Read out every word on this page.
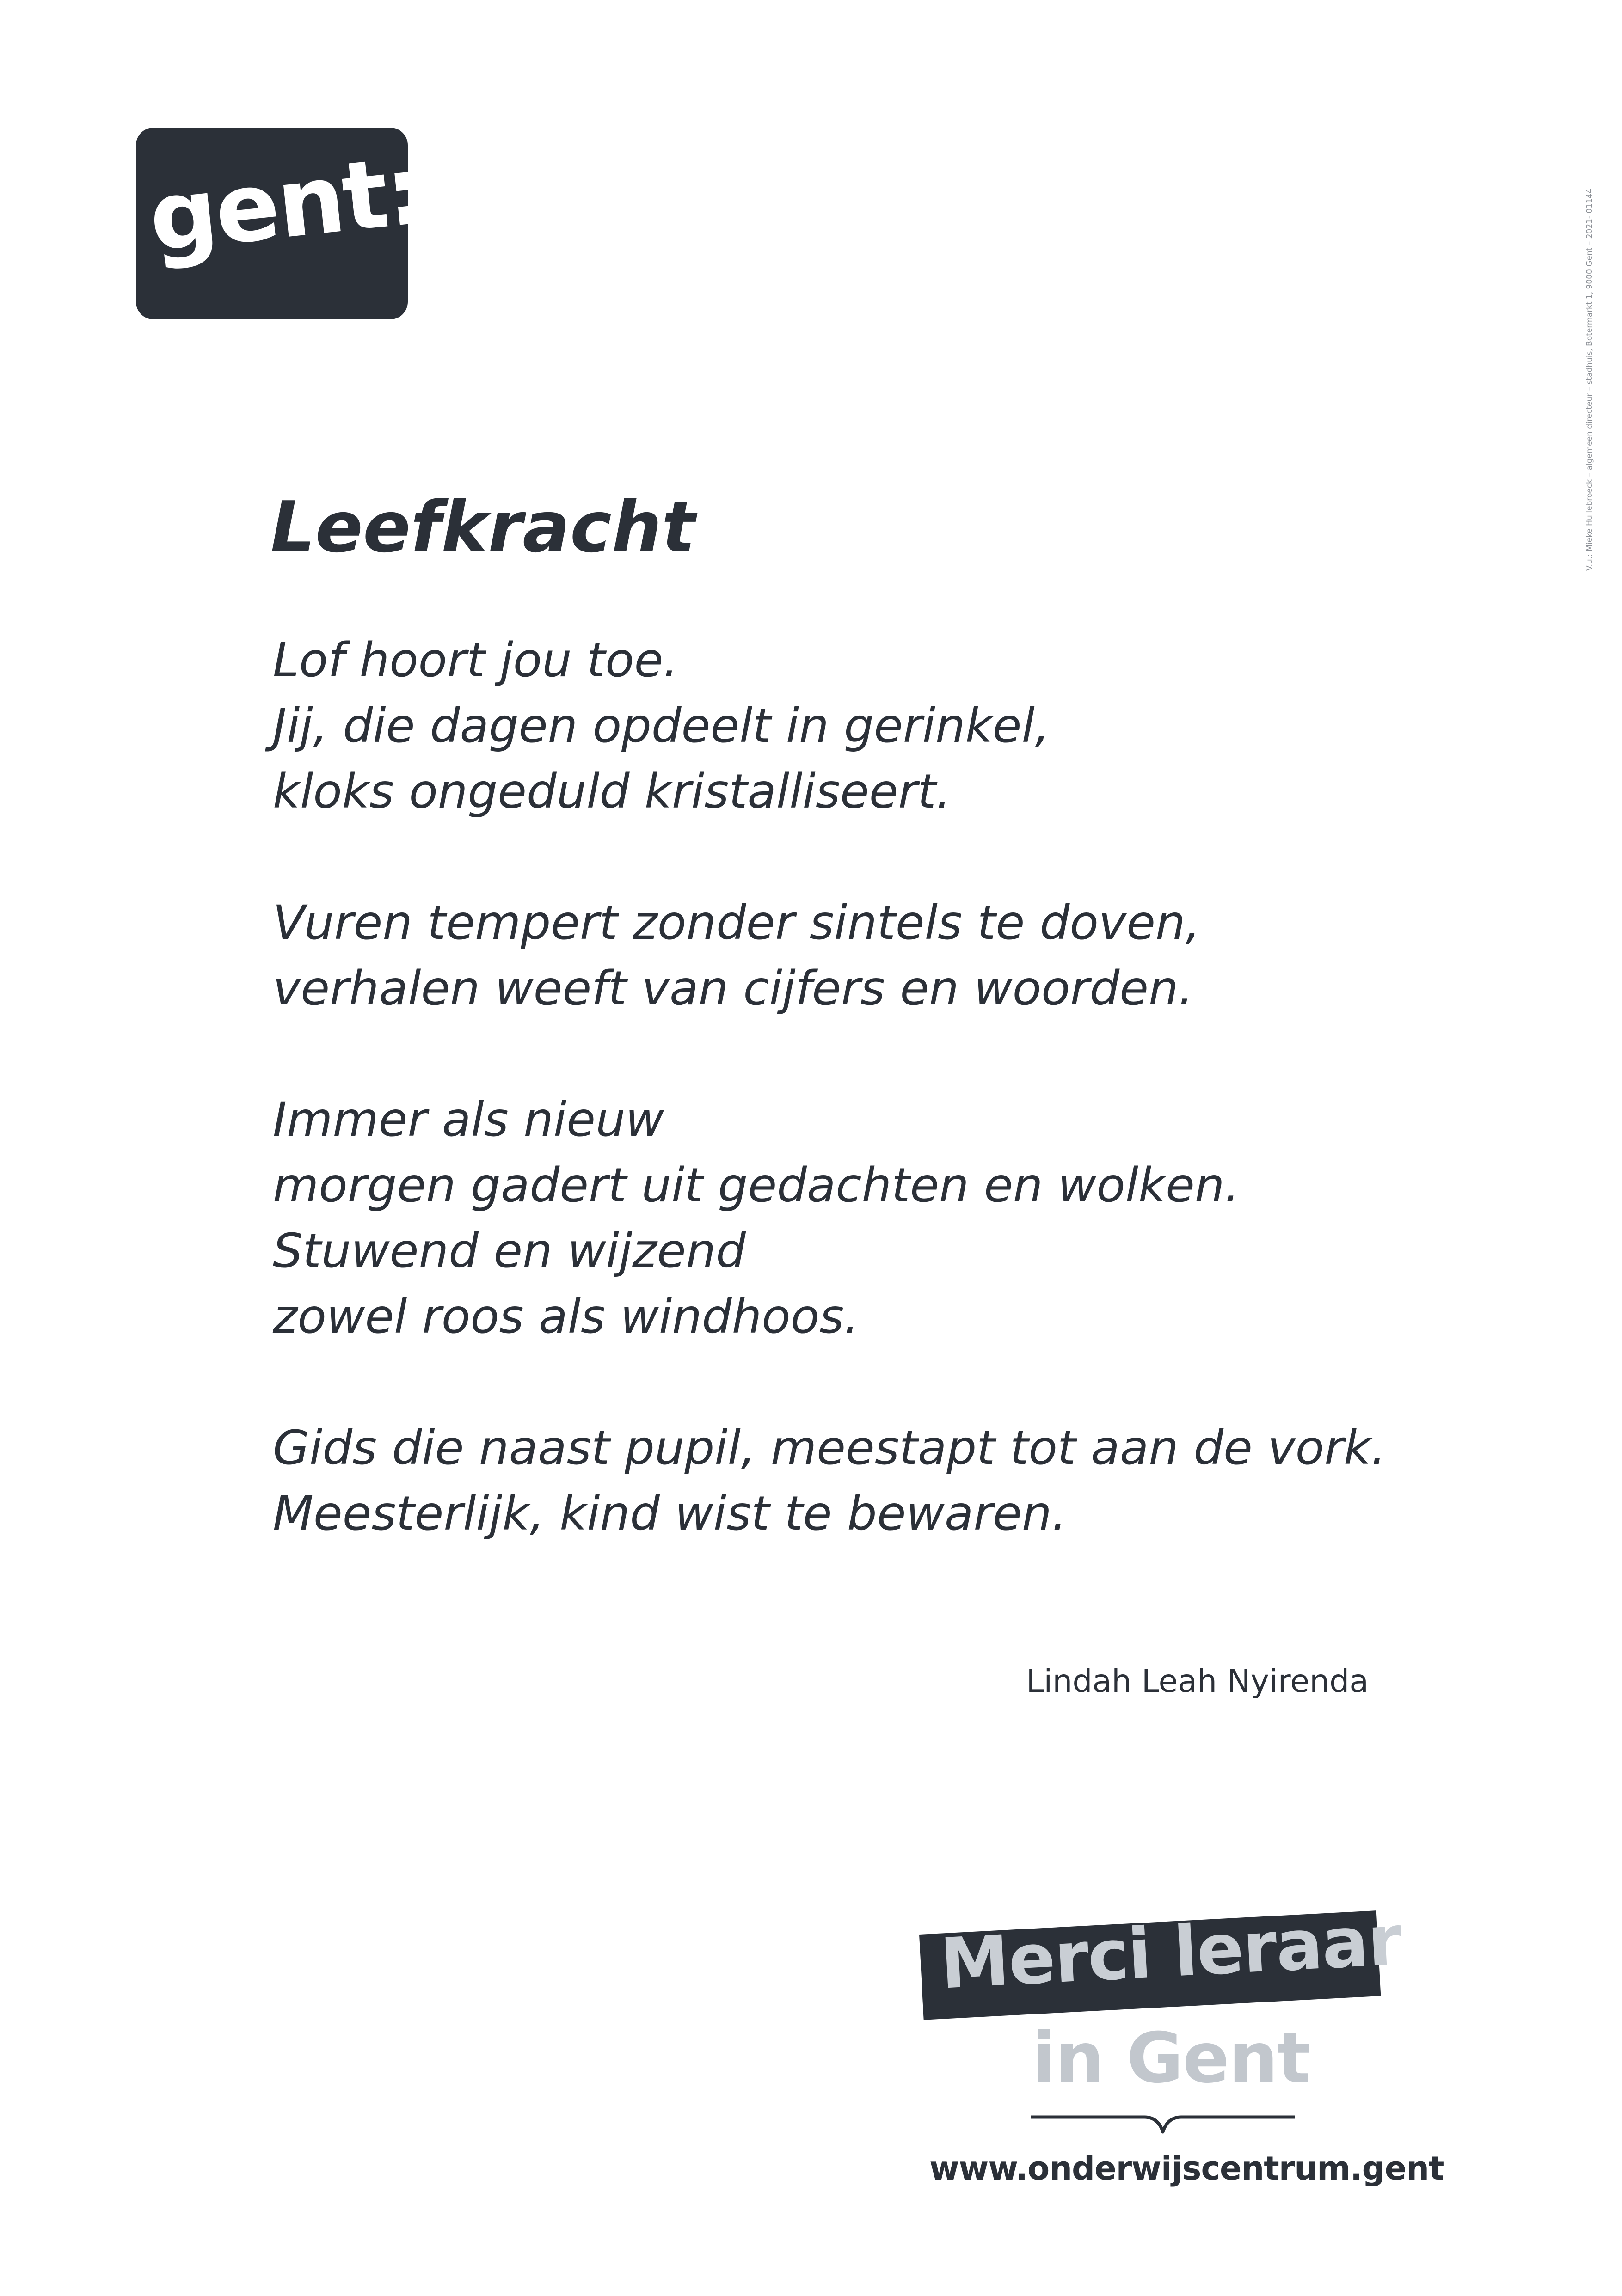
gent:	V.u.: Mieke Hullebroeck – algemeen directeur – stadhuis, Botermarkt 1, 9000 Gent – 2021- 01144
Leefkracht

Lof hoort jou toe.
Jij, die dagen opdeelt in gerinkel,
kloks ongeduld kristalliseert.

Vuren tempert zonder sintels te doven,
verhalen weeft van cijfers en woorden.

Immer als nieuw
morgen gadert uit gedachten en wolken.
Stuwend en wijzend
zowel roos als windhoos.

Gids die naast pupil, meestapt tot aan de vork.
Meesterlijk, kind wist te bewaren.

Lindah Leah Nyirenda
Merci leraar
in Gent
www.onderwijscentrum.gent
